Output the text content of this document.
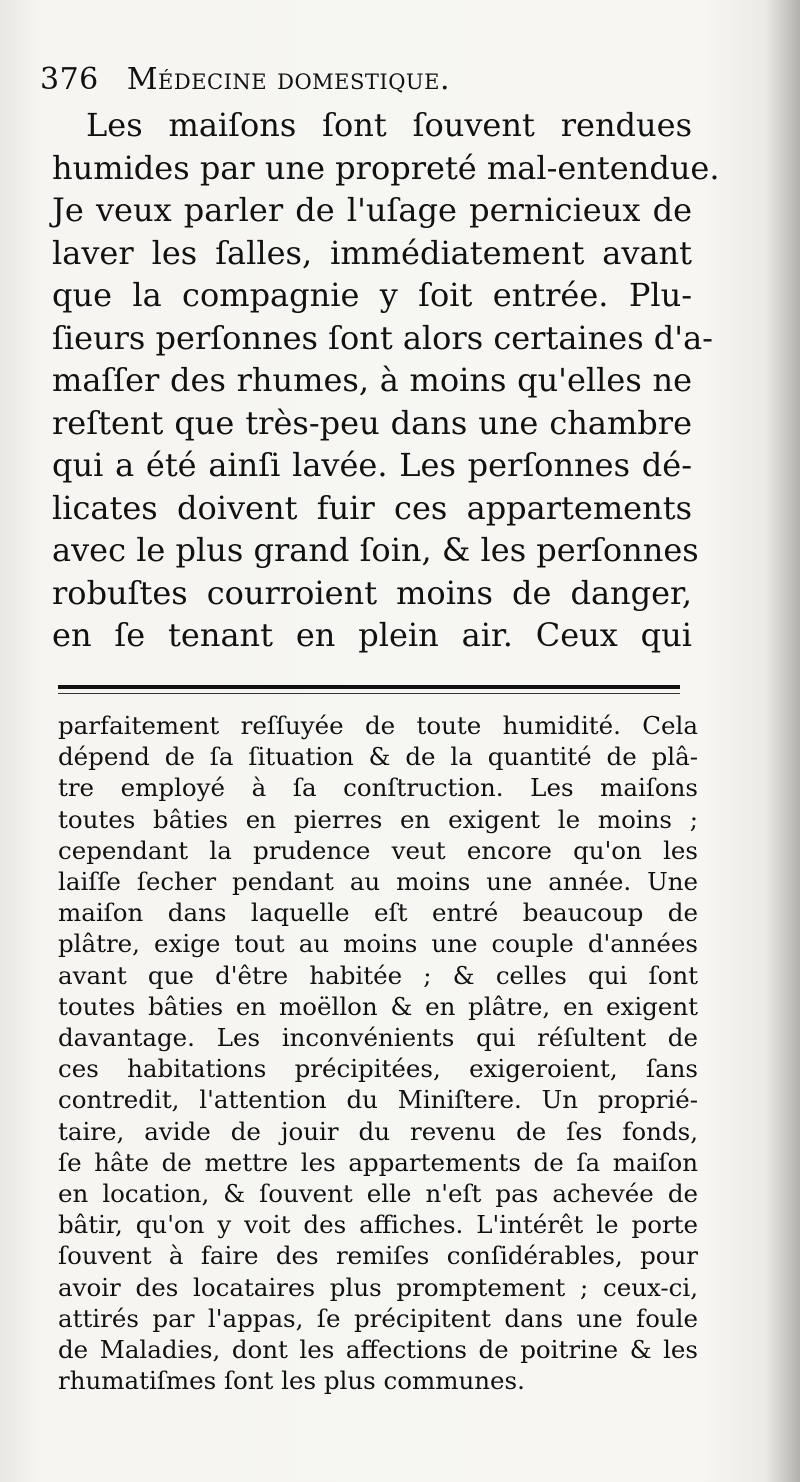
376 Médecine domestique.

Les maiſons ſont ſouvent rendues
humides par une propreté mal-entendue.
Je veux parler de l'uſage pernicieux de
laver les ſalles, immédiatement avant
que la compagnie y ſoit entrée. Plu-
ſieurs perſonnes ſont alors certaines d'a-
maſſer des rhumes, à moins qu'elles ne
reſtent que très-peu dans une chambre
qui a été ainſi lavée. Les perſonnes dé-
licates doivent fuir ces appartements
avec le plus grand ſoin, & les perſonnes
robuſtes courroient moins de danger,
en ſe tenant en plein air. Ceux qui

parfaitement reſſuyée de toute humidité. Cela
dépend de ſa ſituation & de la quantité de plâ-
tre employé à ſa conſtruction. Les maiſons
toutes bâties en pierres en exigent le moins ;
cependant la prudence veut encore qu'on les
laiſſe ſecher pendant au moins une année. Une
maiſon dans laquelle eſt entré beaucoup de
plâtre, exige tout au moins une couple d'années
avant que d'être habitée ; & celles qui ſont
toutes bâties en moëllon & en plâtre, en exigent
davantage. Les inconvénients qui réſultent de
ces habitations précipitées, exigeroient, ſans
contredit, l'attention du Miniſtere. Un proprié-
taire, avide de jouir du revenu de ſes fonds,
ſe hâte de mettre les appartements de ſa maiſon
en location, & ſouvent elle n'eſt pas achevée de
bâtir, qu'on y voit des affiches. L'intérêt le porte
ſouvent à faire des remiſes conſidérables, pour
avoir des locataires plus promptement ; ceux-ci,
attirés par l'appas, ſe précipitent dans une foule
de Maladies, dont les affections de poitrine & les
rhumatiſmes ſont les plus communes.
